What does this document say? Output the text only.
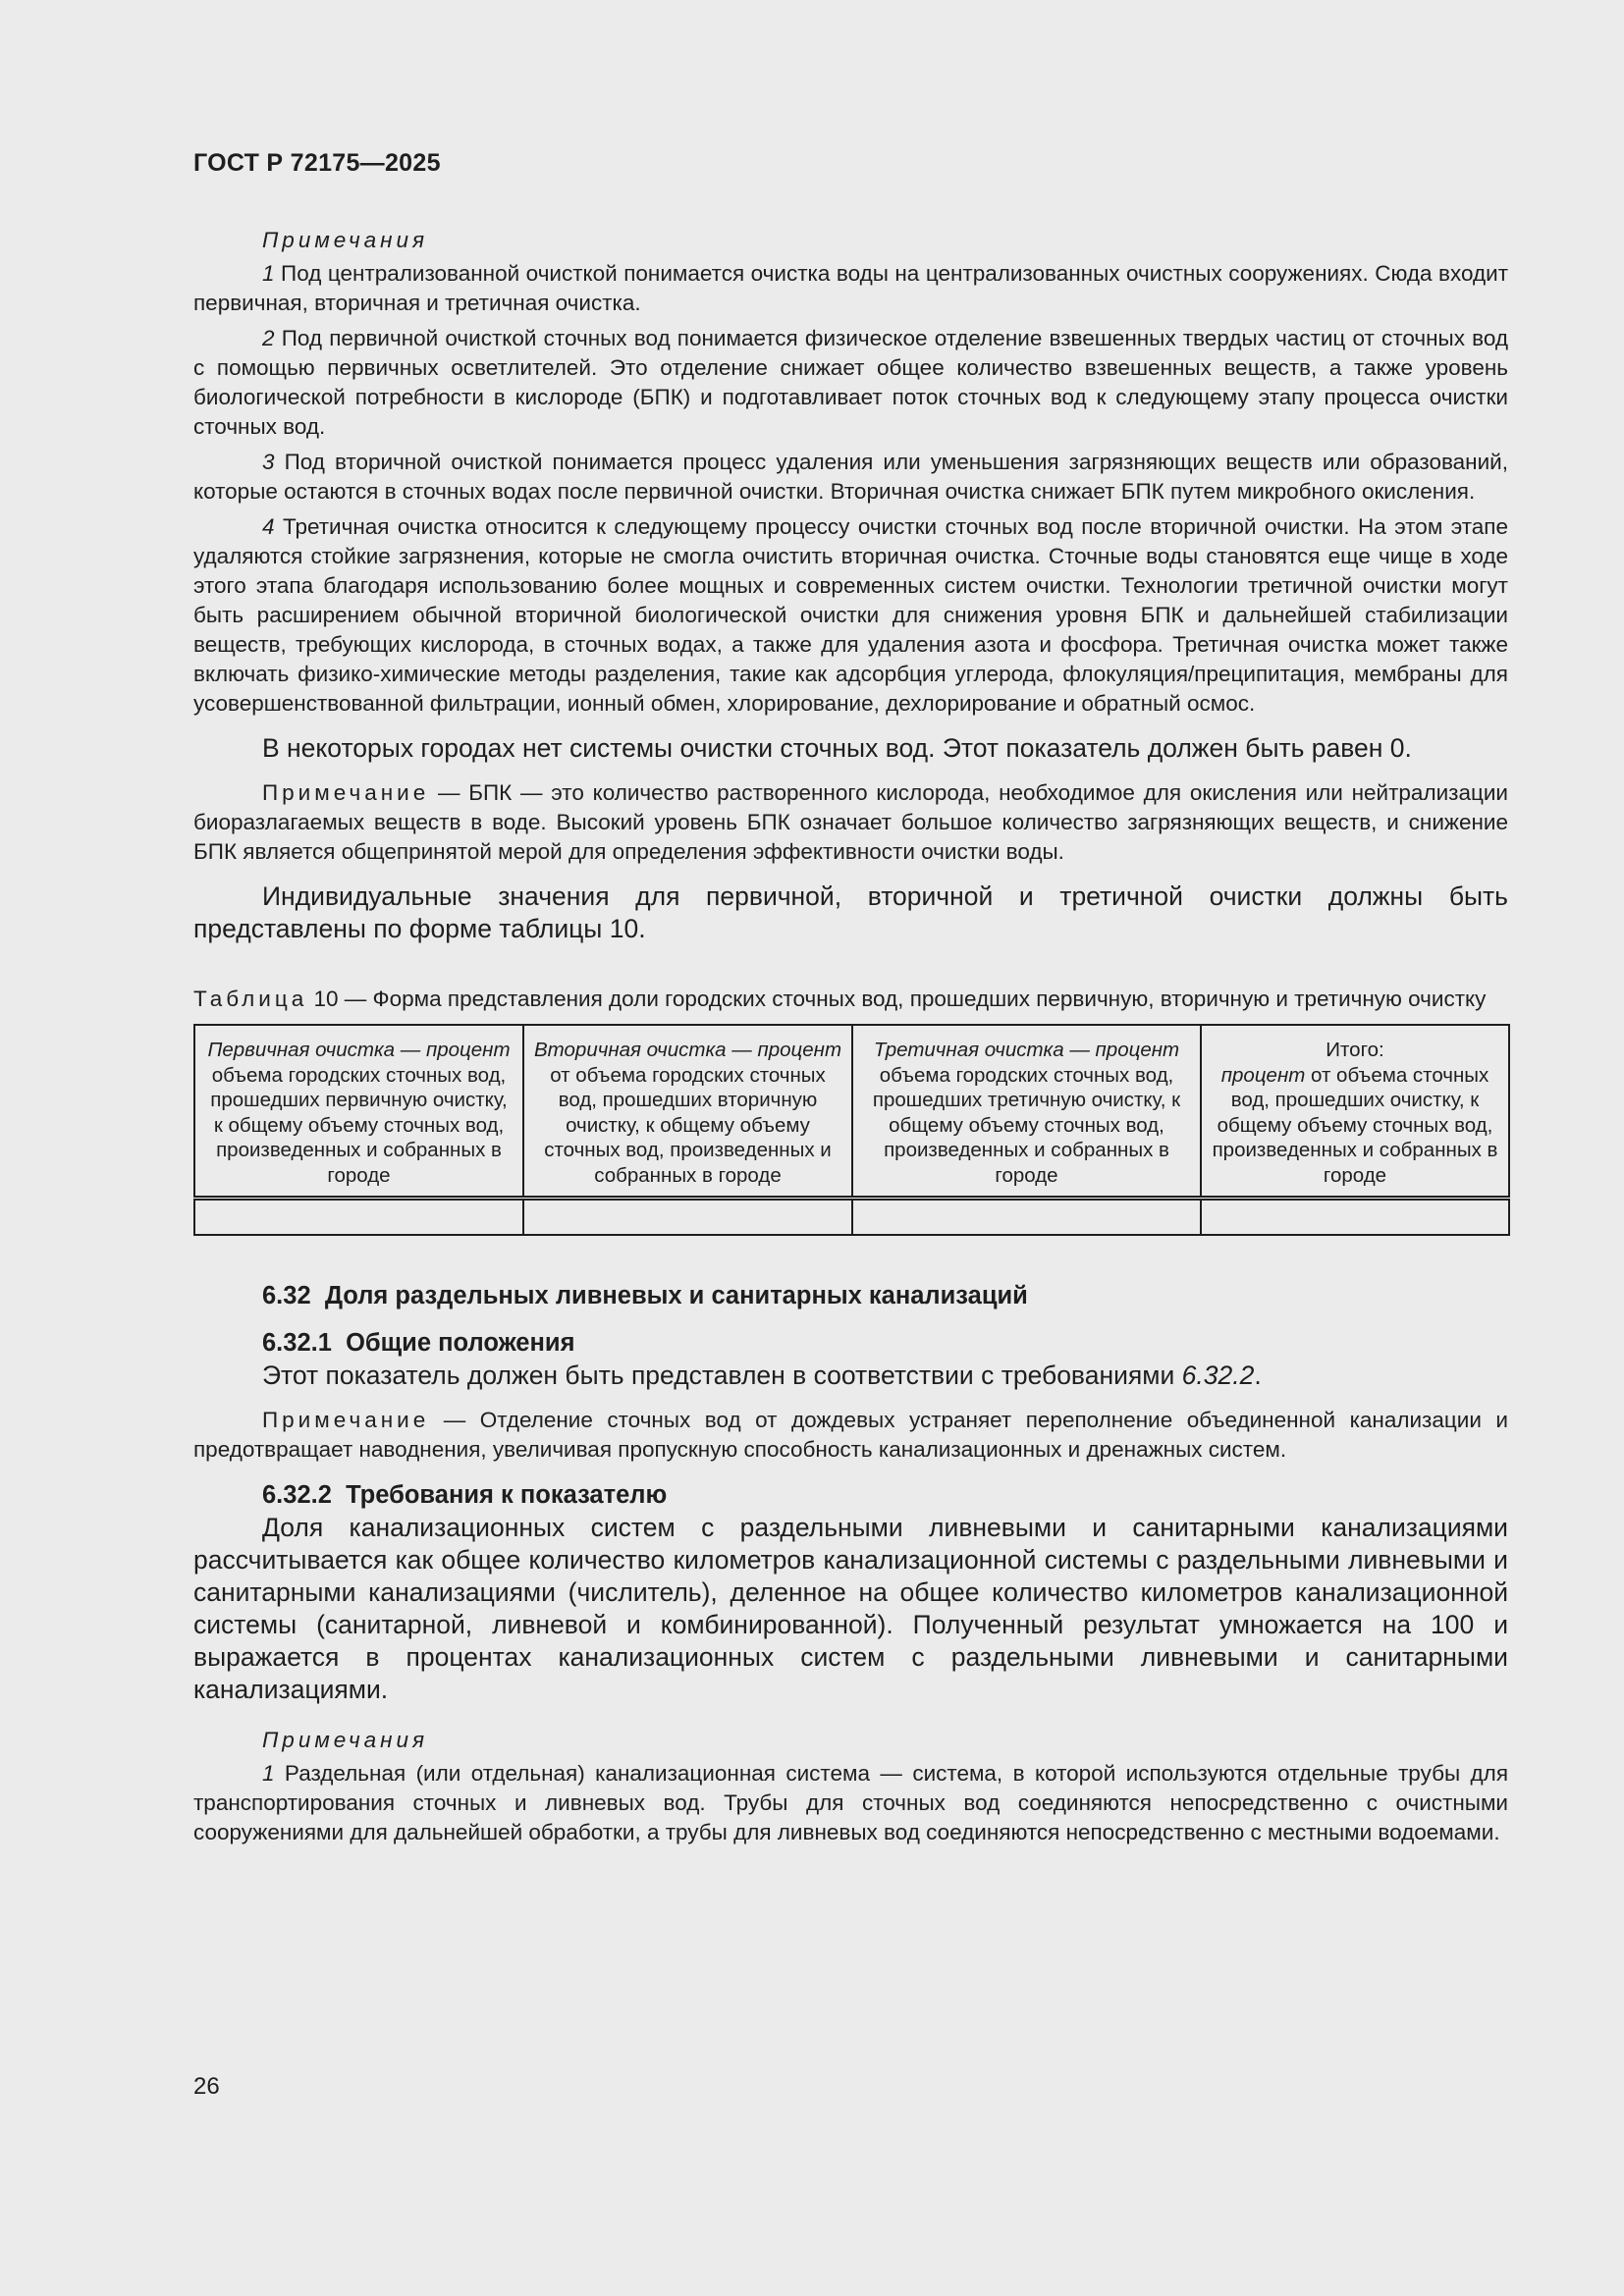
ГОСТ Р 72175—2025

Примечания

1 Под централизованной очисткой понимается очистка воды на централизованных очистных сооружениях. Сюда входит первичная, вторичная и третичная очистка.

2 Под первичной очисткой сточных вод понимается физическое отделение взвешенных твердых частиц от сточных вод с помощью первичных осветлителей. Это отделение снижает общее количество взвешенных веществ, а также уровень биологической потребности в кислороде (БПК) и подготавливает поток сточных вод к следующему этапу процесса очистки сточных вод.

3 Под вторичной очисткой понимается процесс удаления или уменьшения загрязняющих веществ или образований, которые остаются в сточных водах после первичной очистки. Вторичная очистка снижает БПК путем микробного окисления.

4 Третичная очистка относится к следующему процессу очистки сточных вод после вторичной очистки. На этом этапе удаляются стойкие загрязнения, которые не смогла очистить вторичная очистка. Сточные воды становятся еще чище в ходе этого этапа благодаря использованию более мощных и современных систем очистки. Технологии третичной очистки могут быть расширением обычной вторичной биологической очистки для снижения уровня БПК и дальнейшей стабилизации веществ, требующих кислорода, в сточных водах, а также для удаления азота и фосфора. Третичная очистка может также включать физико-химические методы разделения, такие как адсорбция углерода, флокуляция/преципитация, мембраны для усовершенствованной фильтрации, ионный обмен, хлорирование, дехлорирование и обратный осмос.

В некоторых городах нет системы очистки сточных вод. Этот показатель должен быть равен 0.

Примечание — БПК — это количество растворенного кислорода, необходимое для окисления или нейтрализации биоразлагаемых веществ в воде. Высокий уровень БПК означает большое количество загрязняющих веществ, и снижение БПК является общепринятой мерой для определения эффективности очистки воды.

Индивидуальные значения для первичной, вторичной и третичной очистки должны быть представлены по форме таблицы 10.

Таблица 10 — Форма представления доли городских сточных вод, прошедших первичную, вторичную и третичную очистку

Первичная очистка — процент объема городских сточных вод, прошедших первичную очистку, к общему объему сточных вод, произведенных и собранных в городе	Вторичная очистка — процент от объема городских сточных вод, прошедших вторичную очистку, к общему объему сточных вод, произведенных и собранных в городе	Третичная очистка — процент объема городских сточных вод, прошедших третичную очистку, к общему объему сточных вод, произведенных и собранных в городе	Итого:
процент от объема сточных вод, прошедших очистку, к общему объему сточных вод, произведенных и собранных в городе

6.32 Доля раздельных ливневых и санитарных канализаций

6.32.1 Общие положения

Этот показатель должен быть представлен в соответствии с требованиями 6.32.2.

Примечание — Отделение сточных вод от дождевых устраняет переполнение объединенной канализации и предотвращает наводнения, увеличивая пропускную способность канализационных и дренажных систем.

6.32.2 Требования к показателю

Доля канализационных систем с раздельными ливневыми и санитарными канализациями рассчитывается как общее количество километров канализационной системы с раздельными ливневыми и санитарными канализациями (числитель), деленное на общее количество километров канализационной системы (санитарной, ливневой и комбинированной). Полученный результат умножается на 100 и выражается в процентах канализационных систем с раздельными ливневыми и санитарными канализациями.

Примечания

1 Раздельная (или отдельная) канализационная система — система, в которой используются отдельные трубы для транспортирования сточных и ливневых вод. Трубы для сточных вод соединяются непосредственно с очистными сооружениями для дальнейшей обработки, а трубы для ливневых вод соединяются непосредственно с местными водоемами.

26
